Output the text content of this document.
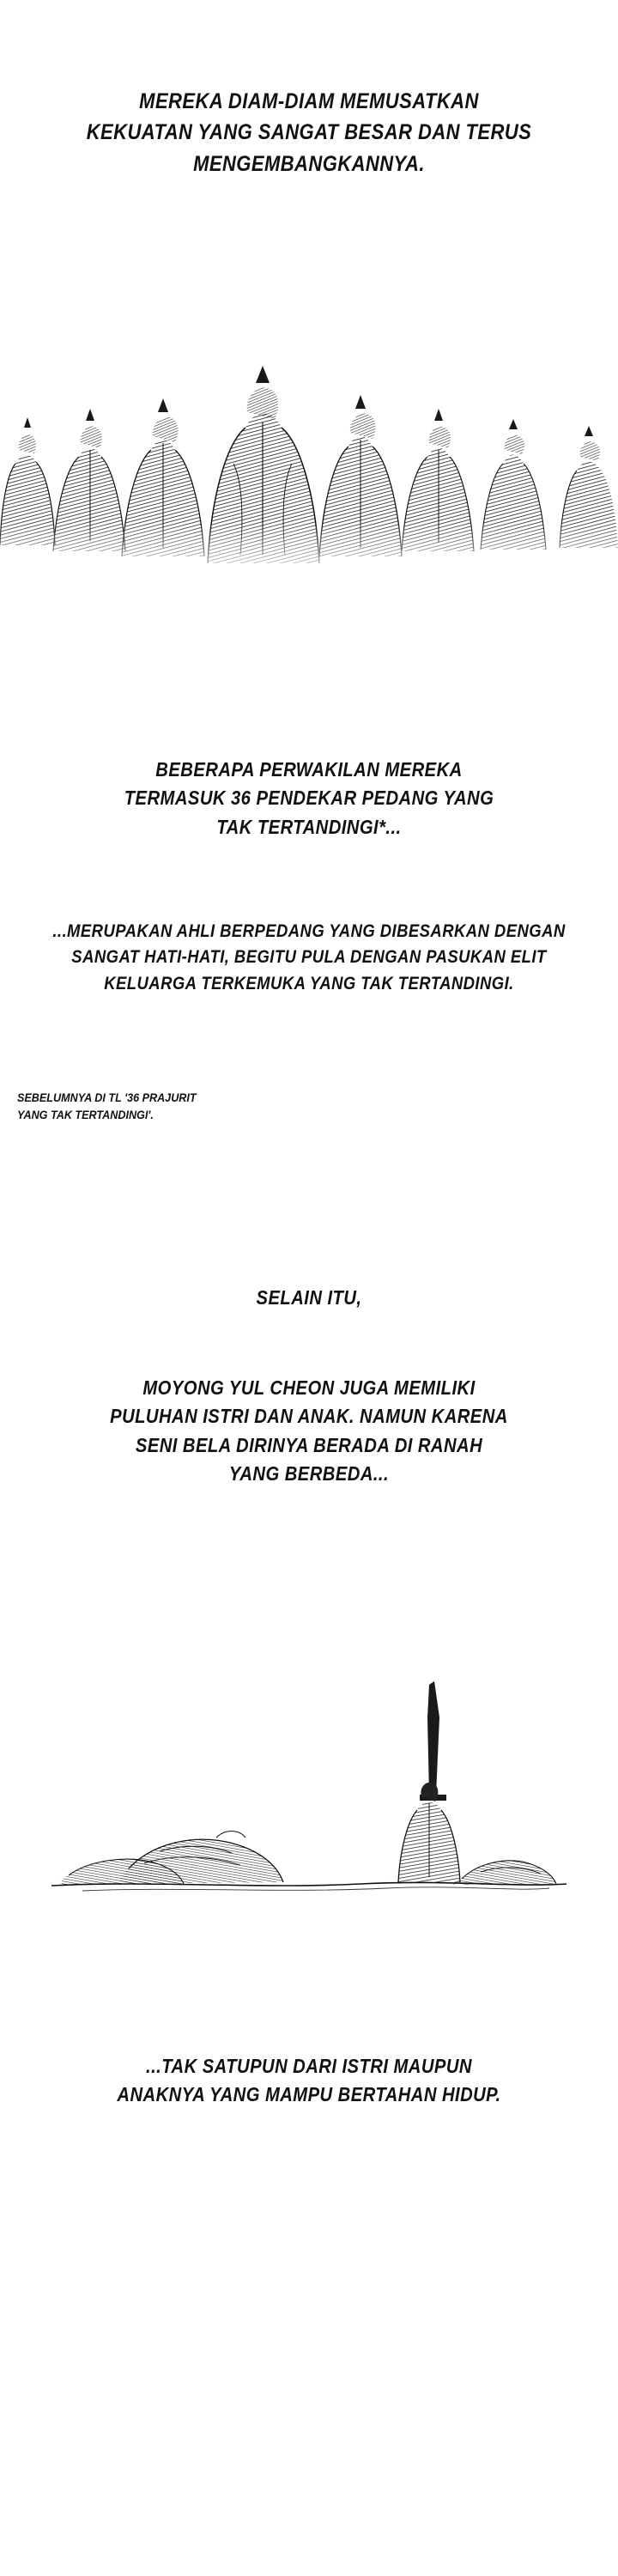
MEREKA DIAM-DIAM MEMUSATKAN
KEKUATAN YANG SANGAT BESAR DAN TERUS
MENGEMBANGKANNYA.
BEBERAPA PERWAKILAN MEREKA
TERMASUK 36 PENDEKAR PEDANG YANG
TAK TERTANDINGI*...
...MERUPAKAN AHLI BERPEDANG YANG DIBESARKAN DENGAN
SANGAT HATI-HATI, BEGITU PULA DENGAN PASUKAN ELIT
KELUARGA TERKEMUKA YANG TAK TERTANDINGI.
SEBELUMNYA DI TL '36 PRAJURIT
YANG TAK TERTANDINGI'.
SELAIN ITU,
MOYONG YUL CHEON JUGA MEMILIKI
PULUHAN ISTRI DAN ANAK. NAMUN KARENA
SENI BELA DIRINYA BERADA DI RANAH
YANG BERBEDA...
...TAK SATUPUN DARI ISTRI MAUPUN
ANAKNYA YANG MAMPU BERTAHAN HIDUP.
